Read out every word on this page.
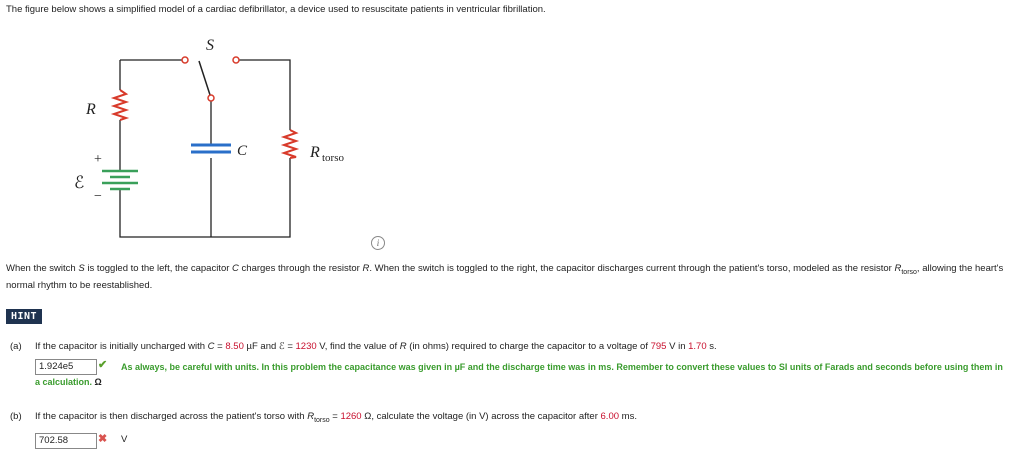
The figure below shows a simplified model of a cardiac defibrillator, a device used to resuscitate patients in ventricular fibrillation.
S
R
C	R torso
+
−
ℰ
i
When the switch S is toggled to the left, the capacitor C charges through the resistor R. When the switch is toggled to the right, the capacitor discharges current through the patient's torso, modeled as the resistor $R_{torso}$, allowing the heart's normal rhythm to be reestablished.
HINT
(a) If the capacitor is initially uncharged with C = 8.50 µF and ℰ = 1230 V, find the value of R (in ohms) required to charge the capacitor to a voltage of 795 V in 1.70 s.
1.924e5	✔	As always, be careful with units. In this problem the capacitance was given in µF and the discharge time was in ms. Remember to convert these values to SI units of Farads and seconds before using them in a calculation. Ω
(b) If the capacitor is then discharged across the patient's torso with $R_{torso} = 1260$ Ω, calculate the voltage (in V) across the capacitor after 6.00 ms.
702.58	✖ V
